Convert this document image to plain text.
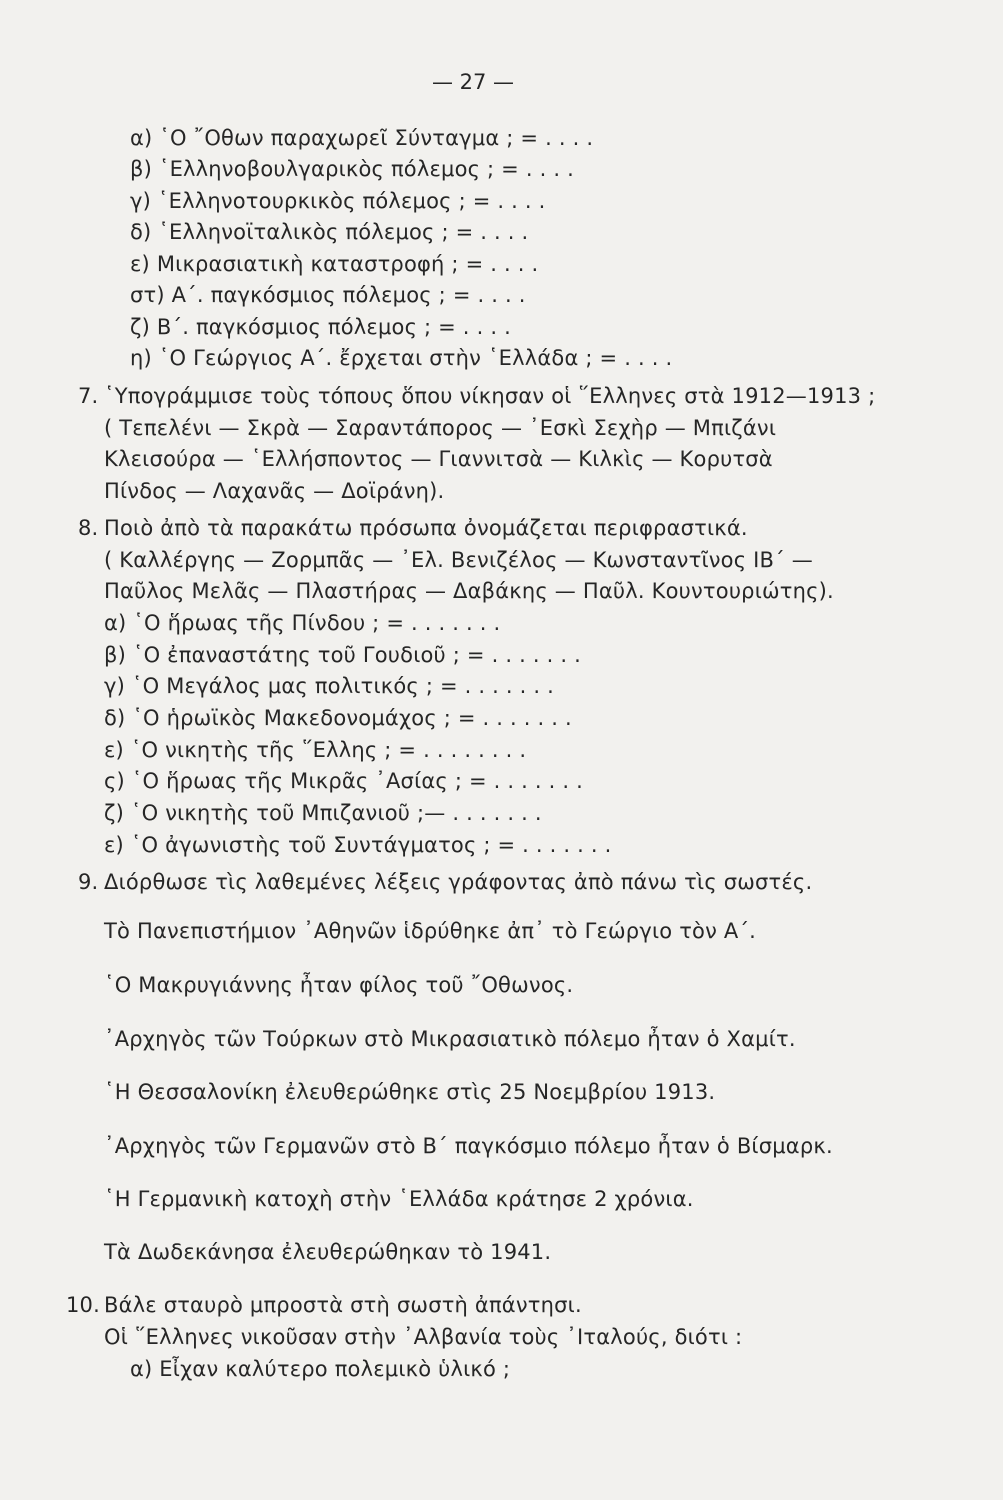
— 27 —
α) ῾Ο ῎Οθων παραχωρεῖ Σύνταγμα ; = . . . .
β) ῾Ελληνοβουλγαρικὸς πόλεμος ; = . . . .
γ) ῾Ελληνοτουρκικὸς πόλεμος ; = . . . .
δ) ῾Ελληνοϊταλικὸς πόλεμος ; = . . . .
ε) Μικρασιατικὴ καταστροφή ; = . . . .
στ) Α΄. παγκόσμιος πόλεμος ; = . . . .
ζ) Β΄. παγκόσμιος πόλεμος ; = . . . .
η) ῾Ο Γεώργιος Α΄. ἔρχεται στὴν ῾Ελλάδα ; = . . . .
7. ῾Υπογράμμισε τοὺς τόπους ὅπου νίκησαν οἱ ῞Ελληνες στὰ 1912—1913 ;
( Τεπελένι — Σκρὰ — Σαραντάπορος — ᾿Εσκὶ Σεχὴρ — Μπιζάνι
Κλεισούρα — ῾Ελλήσποντος — Γιαννιτσὰ — Κιλκὶς — Κορυτσὰ
Πίνδος — Λαχανᾶς — Δοϊράνη).
8. Ποιὸ ἀπὸ τὰ παρακάτω πρόσωπα ὀνομάζεται περιφραστικά.
( Καλλέργης — Ζορμπᾶς — ᾿Ελ. Βενιζέλος — Κωνσταντῖνος ΙΒ΄ —
Παῦλος Μελᾶς — Πλαστήρας — Δαβάκης — Παῦλ. Κουντουριώτης).
α) ῾Ο ἥρωας τῆς Πίνδου ; = . . . . . . .
β) ῾Ο ἐπαναστάτης τοῦ Γουδιοῦ ; = . . . . . . .
γ) ῾Ο Μεγάλος μας πολιτικός ; = . . . . . . .
δ) ῾Ο ἡρωϊκὸς Μακεδονομάχος ; = . . . . . . .
ε) ῾Ο νικητὴς τῆς ῞Ελλης ; = . . . . . . . .
ς) ῾Ο ἥρωας τῆς Μικρᾶς ᾿Ασίας ; = . . . . . . .
ζ) ῾Ο νικητὴς τοῦ Μπιζανιοῦ ;— . . . . . . .
ε) ῾Ο ἀγωνιστὴς τοῦ Συντάγματος ; = . . . . . . .
9. Διόρθωσε τὶς λαθεμένες λέξεις γράφοντας ἀπὸ πάνω τὶς σωστές.
Τὸ Πανεπιστήμιον ᾿Αθηνῶν ἱδρύθηκε ἀπ᾿ τὸ Γεώργιο τὸν Α΄.
῾Ο Μακρυγιάννης ἦταν φίλος τοῦ ῎Οθωνος.
᾿Αρχηγὸς τῶν Τούρκων στὸ Μικρασιατικὸ πόλεμο ἦταν ὁ Χαμίτ.
῾Η Θεσσαλονίκη ἐλευθερώθηκε στὶς 25 Νοεμβρίου 1913.
᾿Αρχηγὸς τῶν Γερμανῶν στὸ Β΄ παγκόσμιο πόλεμο ἦταν ὁ Βίσμαρκ.
῾Η Γερμανικὴ κατοχὴ στὴν ῾Ελλάδα κράτησε 2 χρόνια.
Τὰ Δωδεκάνησα ἐλευθερώθηκαν τὸ 1941.
10. Βάλε σταυρὸ μπροστὰ στὴ σωστὴ ἀπάντησι.
Οἱ ῞Ελληνες νικοῦσαν στὴν ᾿Αλβανία τοὺς ᾿Ιταλούς, διότι :
α) Εἶχαν καλύτερο πολεμικὸ ὑλικό ;
